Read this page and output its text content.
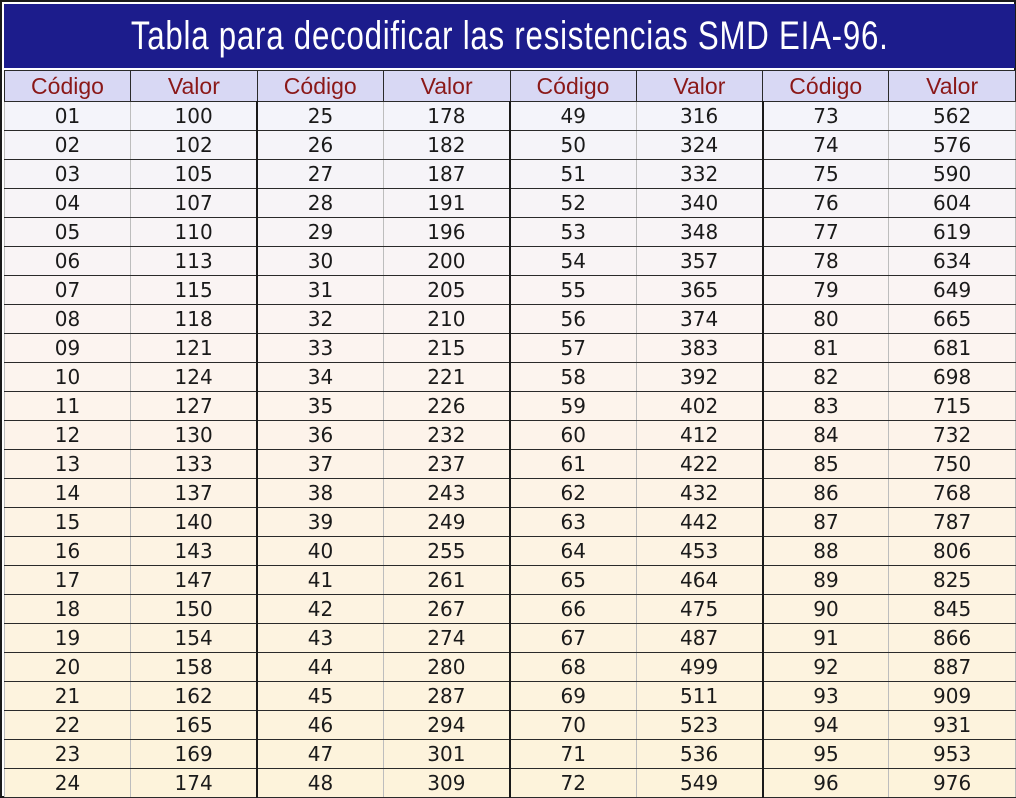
Tabla para decodificar las resistencias SMD EIA-96.
Código	Valor	Código	Valor	Código	Valor	Código	Valor
01	100	25	178	49	316	73	562
02	102	26	182	50	324	74	576
03	105	27	187	51	332	75	590
04	107	28	191	52	340	76	604
05	110	29	196	53	348	77	619
06	113	30	200	54	357	78	634
07	115	31	205	55	365	79	649
08	118	32	210	56	374	80	665
09	121	33	215	57	383	81	681
10	124	34	221	58	392	82	698
11	127	35	226	59	402	83	715
12	130	36	232	60	412	84	732
13	133	37	237	61	422	85	750
14	137	38	243	62	432	86	768
15	140	39	249	63	442	87	787
16	143	40	255	64	453	88	806
17	147	41	261	65	464	89	825
18	150	42	267	66	475	90	845
19	154	43	274	67	487	91	866
20	158	44	280	68	499	92	887
21	162	45	287	69	511	93	909
22	165	46	294	70	523	94	931
23	169	47	301	71	536	95	953
24	174	48	309	72	549	96	976
